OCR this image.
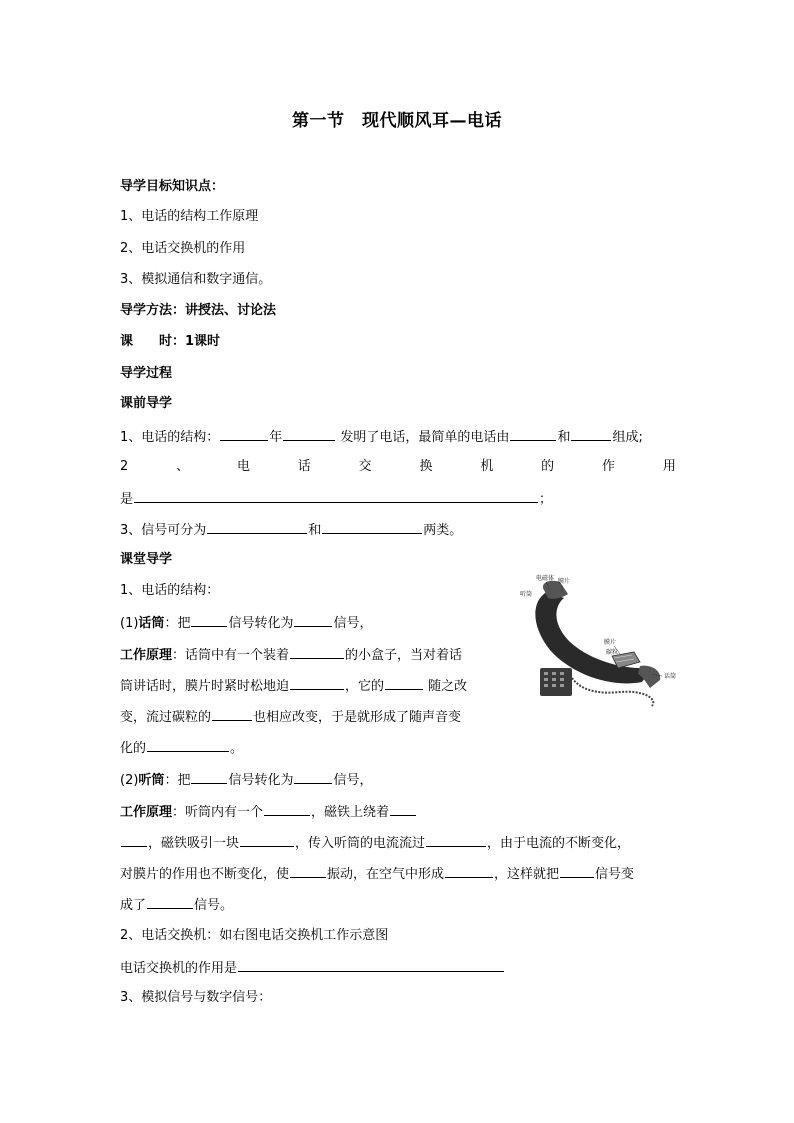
第一节　现代顺风耳—电话
导学目标知识点：
1、电话的结构工作原理
2、电话交换机的作用
3、模拟通信和数字通信。
导学方法：讲授法、讨论法
课　　时：1课时
导学过程
课前导学
1、电话的结构：	年	发明了电话，最简单的电话由	和	组成;
2	、	电	话	交	换	机	的	作	用
是	；
3、信号可分为	和	两类。
课堂导学
1、电话的结构：
(1)话筒：把	信号转化为	信号，
工作原理：话筒中有一个装着	的小盒子，当对着话
筒讲话时，膜片时紧时松地迫	，它的	随之改
变，流过碳粒的	也相应改变，于是就形成了随声音变
化的	。
(2)听筒：把	信号转化为	信号，
工作原理：听筒内有一个	，磁铁上绕着
，磁铁吸引一块	，传入听筒的电流流过	，由于电流的不断变化，
对膜片的作用也不断变化，使	振动，在空气中形成	，这样就把	信号变
成了	信号。
2、电话交换机：如右图电话交换机工作示意图
电话交换机的作用是
3、模拟信号与数字信号：
电磁体 膜片
听筒
膜片
碳粒
话筒
